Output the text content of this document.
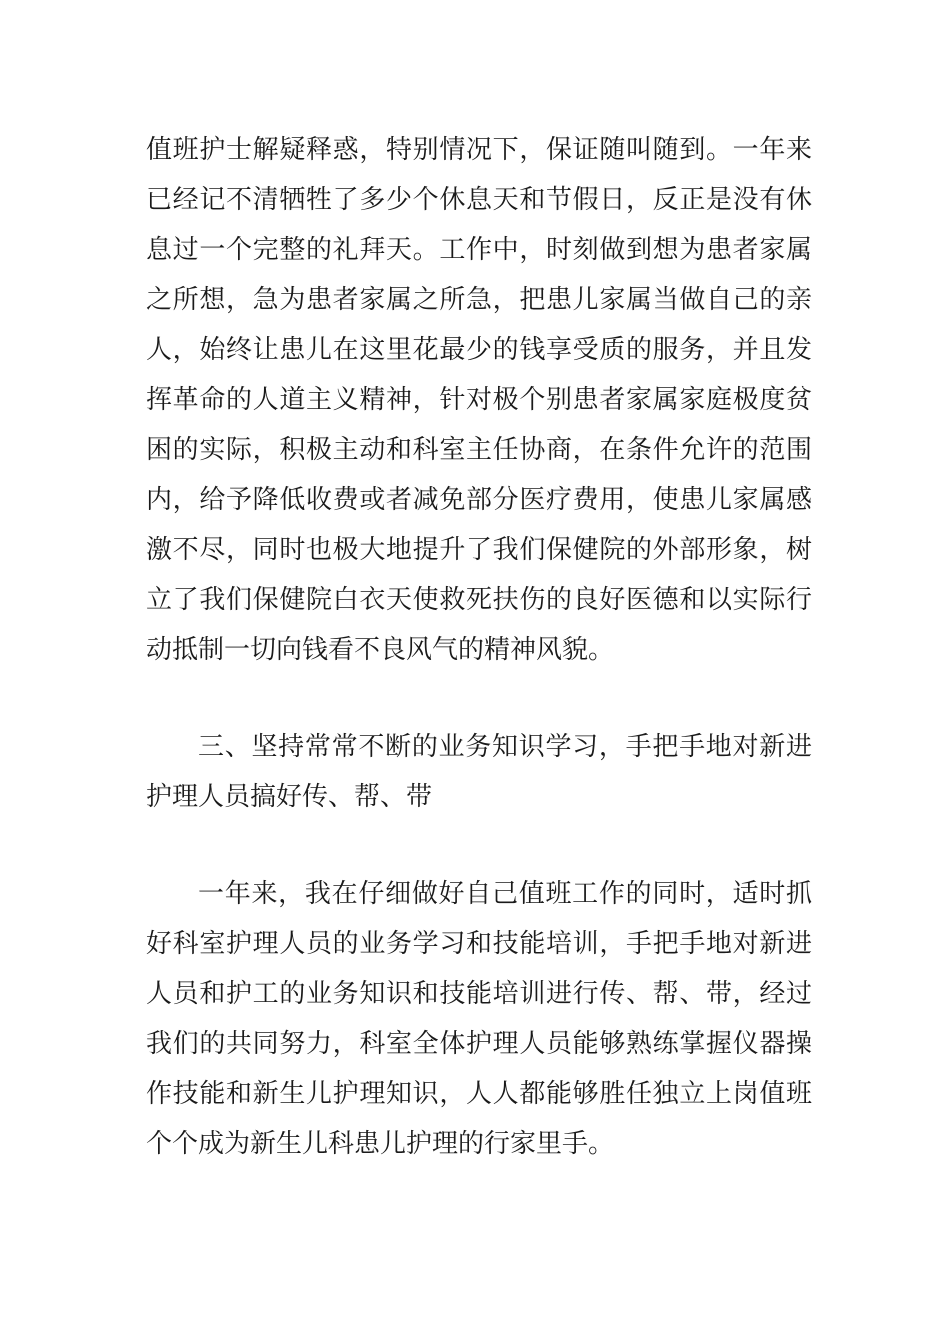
值班护士解疑释惑，特别情况下，保证随叫随到。一年来
已经记不清牺牲了多少个休息天和节假日，反正是没有休
息过一个完整的礼拜天。工作中，时刻做到想为患者家属
之所想，急为患者家属之所急，把患儿家属当做自己的亲
人，始终让患儿在这里花最少的钱享受质的服务，并且发
挥革命的人道主义精神，针对极个别患者家属家庭极度贫
困的实际，积极主动和科室主任协商，在条件允许的范围
内，给予降低收费或者减免部分医疗费用，使患儿家属感
激不尽，同时也极大地提升了我们保健院的外部形象，树
立了我们保健院白衣天使救死扶伤的良好医德和以实际行
动抵制一切向钱看不良风气的精神风貌。
三、坚持常常不断的业务知识学习，手把手地对新进
护理人员搞好传、帮、带
一年来，我在仔细做好自己值班工作的同时，适时抓
好科室护理人员的业务学习和技能培训，手把手地对新进
人员和护工的业务知识和技能培训进行传、帮、带，经过
我们的共同努力，科室全体护理人员能够熟练掌握仪器操
作技能和新生儿护理知识，人人都能够胜任独立上岗值班
个个成为新生儿科患儿护理的行家里手。
